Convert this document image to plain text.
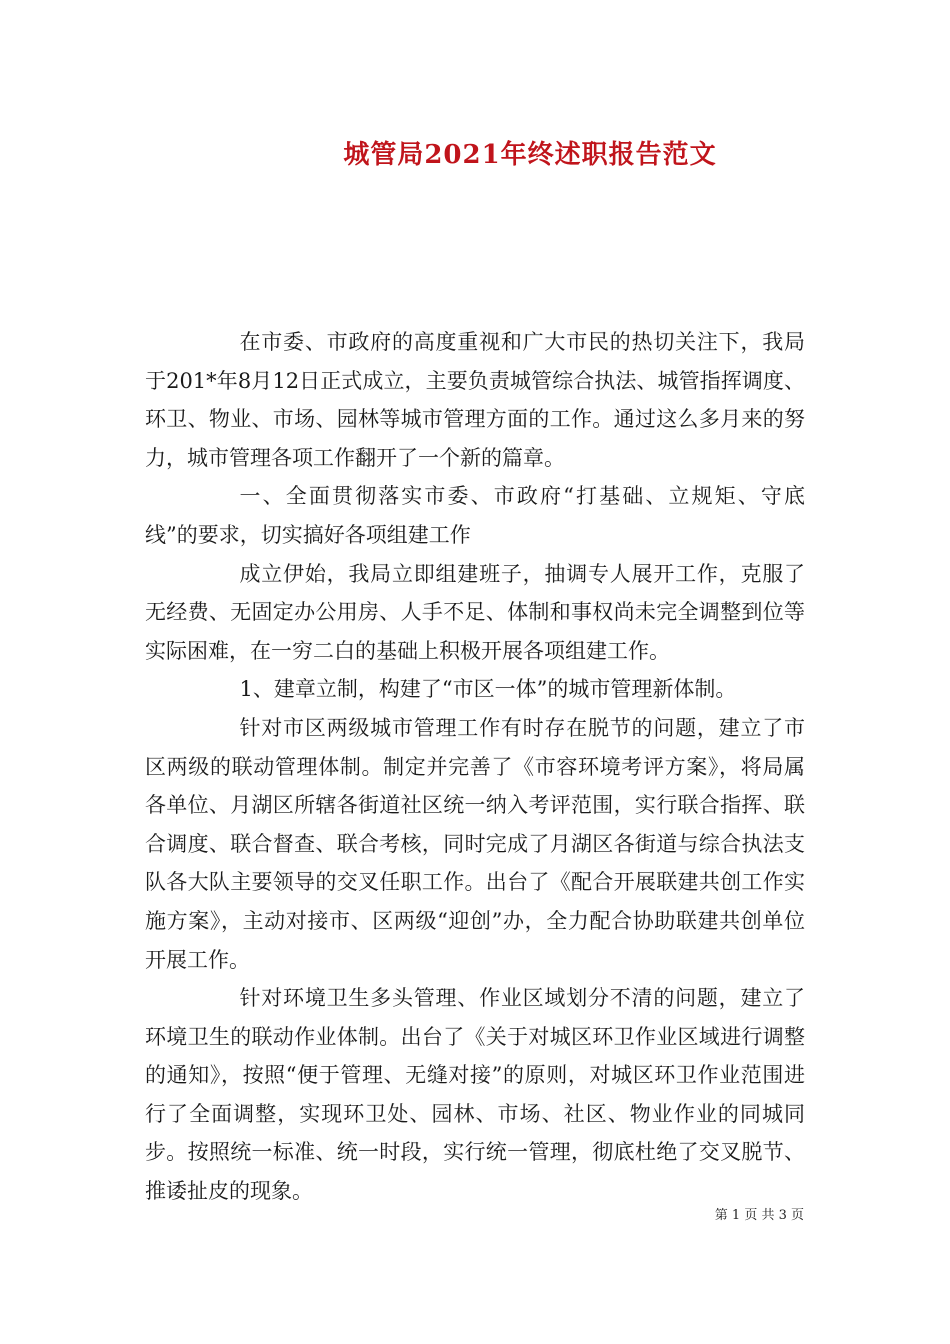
城管局2021年终述职报告范文

在市委、市政府的高度重视和广大市民的热切关注下，我局于201*年8月12日正式成立，主要负责城管综合执法、城管指挥调度、环卫、物业、市场、园林等城市管理方面的工作。通过这么多月来的努力，城市管理各项工作翻开了一个新的篇章。

一、全面贯彻落实市委、市政府“打基础、立规矩、守底线”的要求，切实搞好各项组建工作

成立伊始，我局立即组建班子，抽调专人展开工作，克服了无经费、无固定办公用房、人手不足、体制和事权尚未完全调整到位等实际困难，在一穷二白的基础上积极开展各项组建工作。

1、建章立制，构建了“市区一体”的城市管理新体制。

针对市区两级城市管理工作有时存在脱节的问题，建立了市区两级的联动管理体制。制定并完善了《市容环境考评方案》，将局属各单位、月湖区所辖各街道社区统一纳入考评范围，实行联合指挥、联合调度、联合督查、联合考核，同时完成了月湖区各街道与综合执法支队各大队主要领导的交叉任职工作。出台了《配合开展联建共创工作实施方案》，主动对接市、区两级“迎创”办，全力配合协助联建共创单位开展工作。

针对环境卫生多头管理、作业区域划分不清的问题，建立了环境卫生的联动作业体制。出台了《关于对城区环卫作业区域进行调整的通知》，按照“便于管理、无缝对接”的原则，对城区环卫作业范围进行了全面调整，实现环卫处、园林、市场、社区、物业作业的同城同步。按照统一标准、统一时段，实行统一管理，彻底杜绝了交叉脱节、推诿扯皮的现象。

第 1 页 共 3 页
